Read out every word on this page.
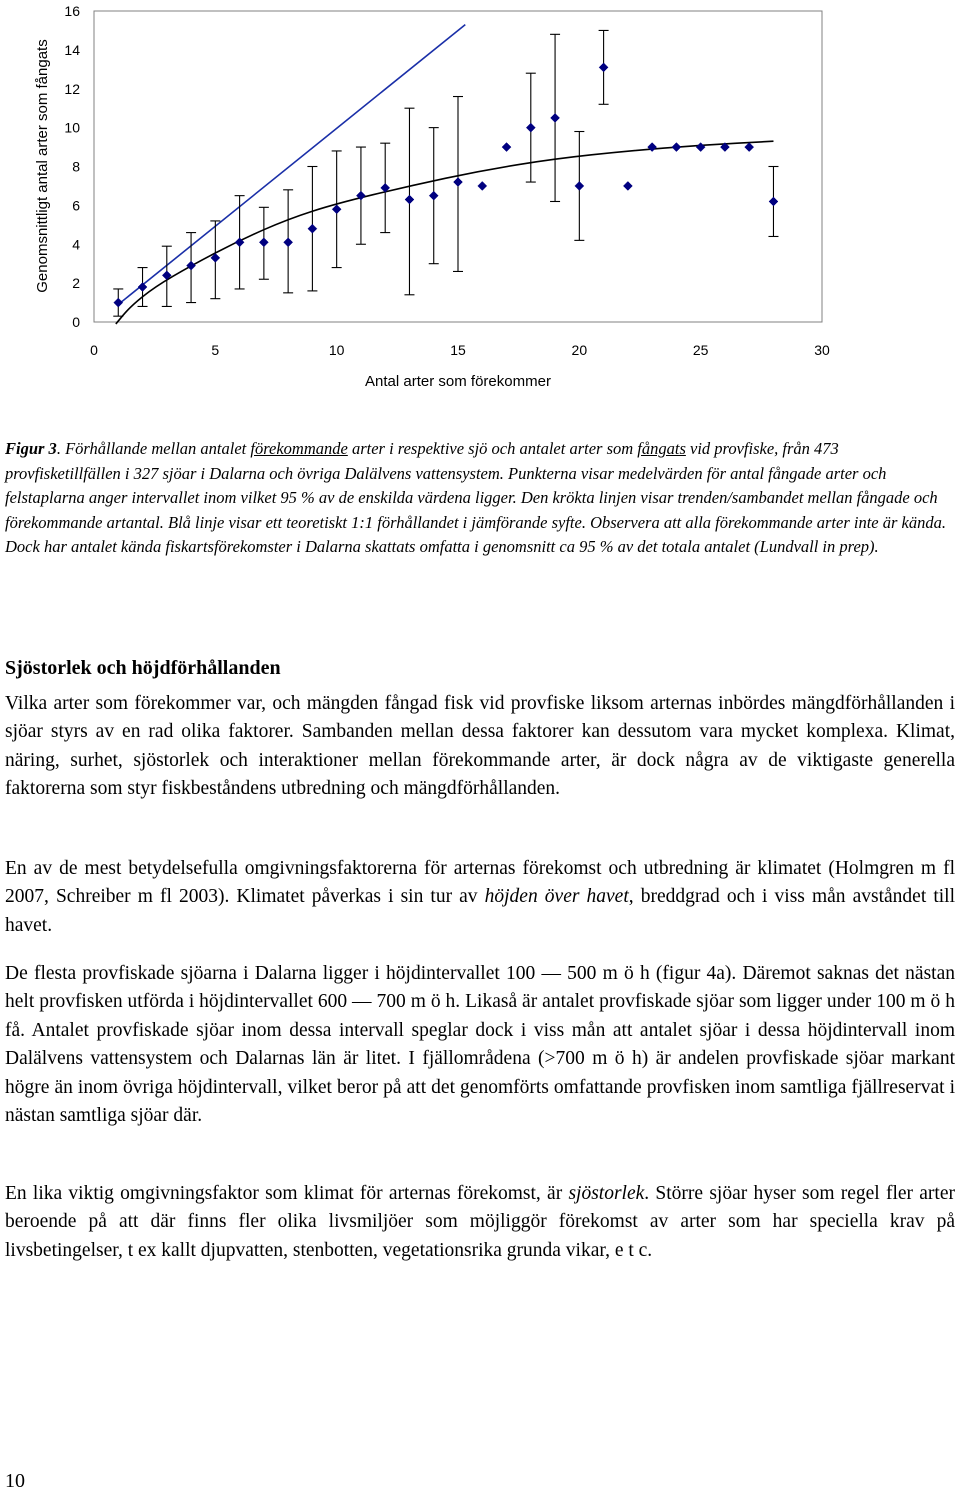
0	5	10	15	20	25	30
0
2
4
6
8
10
12
14
16
Genomsnittligt antal arter som fångats
Antal arter som förekommer

Figur 3. Förhållande mellan antalet förekommande arter i respektive sjö och antalet arter som fångats vid provfiske, från 473 provfisketillfällen i 327 sjöar i Dalarna och övriga Dalälvens vattensystem. Punkterna visar medelvärden för antal fångade arter och felstaplarna anger intervallet inom vilket 95 % av de enskilda värdena ligger. Den krökta linjen visar trenden/sambandet mellan fångade och förekommande artantal. Blå linje visar ett teoretiskt 1:1 förhållandet i jämförande syfte. Observera att alla förekommande arter inte är kända. Dock har antalet kända fiskartsförekomster i Dalarna skattats omfatta i genomsnitt ca 95 % av det totala antalet (Lundvall in prep).

Sjöstorlek och höjdförhållanden

Vilka arter som förekommer var, och mängden fångad fisk vid provfiske liksom arternas inbördes mängdförhållanden i sjöar styrs av en rad olika faktorer. Sambanden mellan dessa faktorer kan dessutom vara mycket komplexa. Klimat, näring, surhet, sjöstorlek och interaktioner mellan förekommande arter, är dock några av de viktigaste generella faktorerna som styr fiskbeståndens utbredning och mängdförhållanden.

En av de mest betydelsefulla omgivningsfaktorerna för arternas förekomst och utbredning är klimatet (Holmgren m fl 2007, Schreiber m fl 2003). Klimatet påverkas i sin tur av höjden över havet, breddgrad och i viss mån avståndet till havet.

De flesta provfiskade sjöarna i Dalarna ligger i höjdintervallet 100 — 500 m ö h (figur 4a). Däremot saknas det nästan helt provfisken utförda i höjdintervallet 600 — 700 m ö h. Likaså är antalet provfiskade sjöar som ligger under 100 m ö h få. Antalet provfiskade sjöar inom dessa intervall speglar dock i viss mån att antalet sjöar i dessa höjdintervall inom Dalälvens vattensystem och Dalarnas län är litet. I fjällområdena (>700 m ö h) är andelen provfiskade sjöar markant högre än inom övriga höjdintervall, vilket beror på att det genomförts omfattande provfisken inom samtliga fjällreservat i nästan samtliga sjöar där.

En lika viktig omgivningsfaktor som klimat för arternas förekomst, är sjöstorlek. Större sjöar hyser som regel fler arter beroende på att där finns fler olika livsmiljöer som möjliggör förekomst av arter som har speciella krav på livsbetingelser, t ex kallt djupvatten, stenbotten, vegetationsrika grunda vikar, e t c.

10
